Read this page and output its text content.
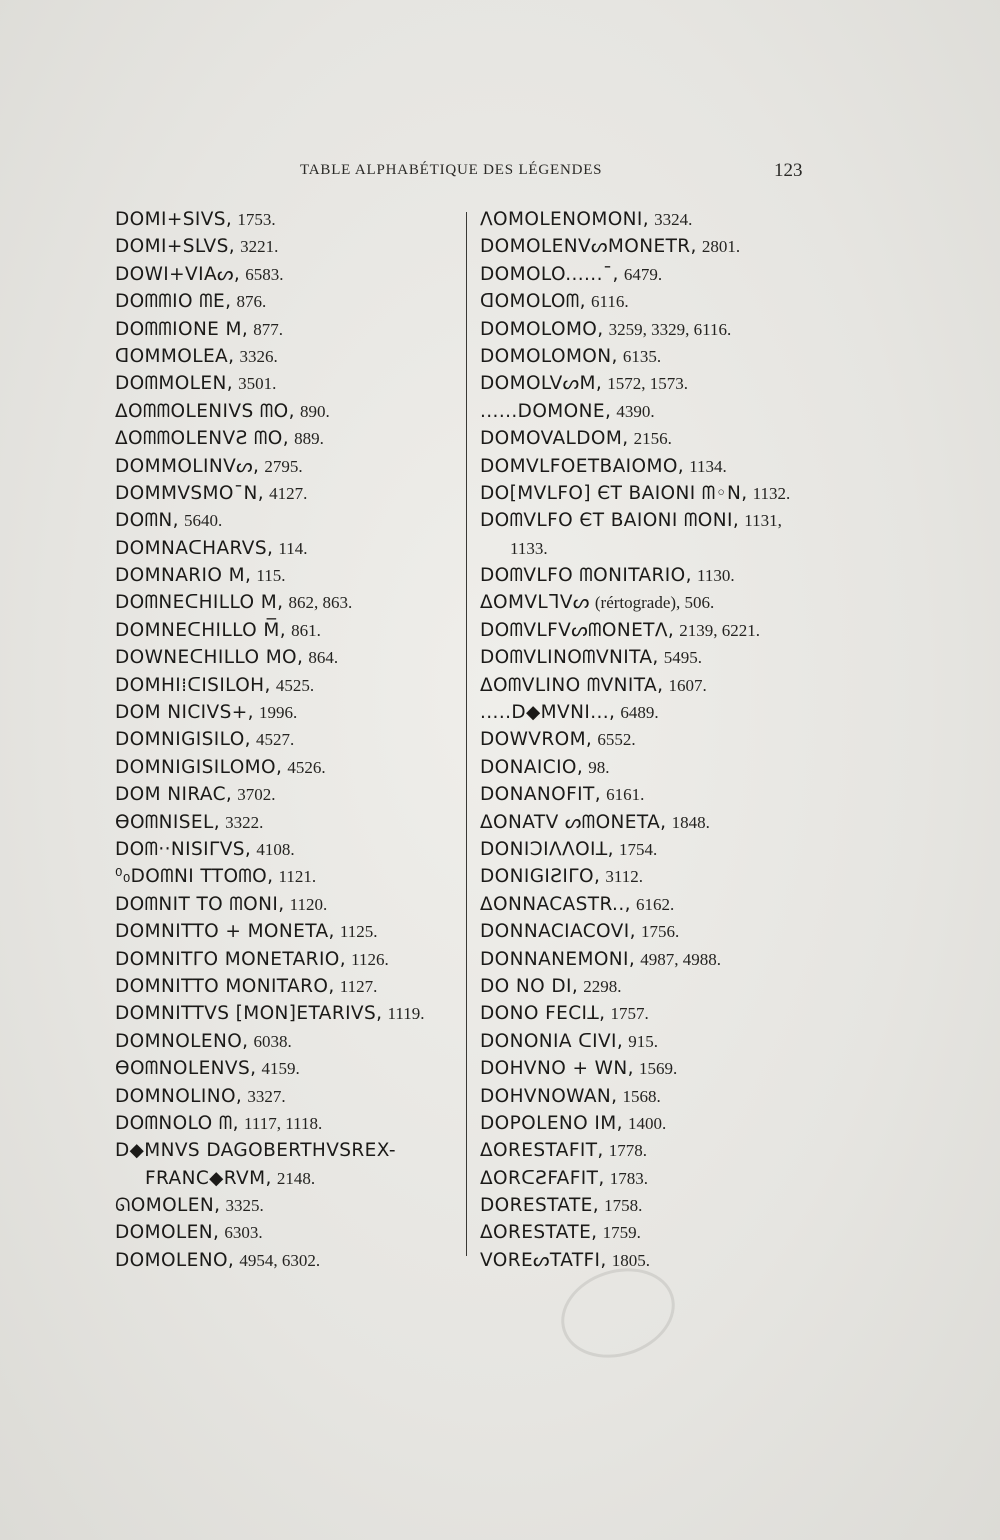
TABLE ALPHABÉTIQUE DES LÉGENDES	123
DOMI+SIVS, 1753.
DOMI+SLVS, 3221.
DOWI+VIAᔕ, 6583.
DOᗰᗰIO ᗰE, 876.
DOᗰᗰIONE M, 877.
ᗡOMMOLEA, 3326.
DOᗰMOLEN, 3501.
ΔOᗰᗰOLENIVS ᗰO, 890.
ΔOᗰᗰOLENVƧ ᗰO, 889.
DOMMOLINVᔕ, 2795.
DOMMVSMO¯N, 4127.
DOᗰN, 5640.
DOMNAᑕHARVS, 114.
DOMNARIO M, 115.
DOᗰNEᑕHILLO M, 862, 863.
DOMNEᑕHILLO M̅, 861.
DOWNEᑕHILLO MO, 864.
DOMHI⁞ᑕISILOH, 4525.
DOM NICIVS+, 1996.
DOMNIGISILO, 4527.
DOMNIGISILOMO, 4526.
DOM NIRAC, 3702.
ƟOᗰNISEL, 3322.
DOᗰ··NISIΓVS, 4108.
⁰₀DOᗰNI TTOᗰO, 1121.
DOᗰNIT TO ᗰONI, 1120.
DOMNITTO + MONETA, 1125.
DOMNITΓO MONETARIO, 1126.
DOMNITTO MONITARO, 1127.
DOMNITTVS [MON]ETARIVS, 1119.
DOMNOLENO, 6038.
ƟOᗰNOLENVS, 4159.
DOMNOLINO, 3327.
DOᗰNOLO ᗰ, 1117, 1118.
D◆MNVS DAGOBERTHVSREX-
FRANC◆RVM, 2148.
ᘏOMOLEN, 3325.
DOMOLEN, 6303.
DOMOLENO, 4954, 6302.
ΛOMOLENOMONI, 3324.
DOMOLENVᔕMONETR, 2801.
DOMOLO......¯, 6479.
ᗡOMOLOᗰ, 6116.
DOMOLOMO, 3259, 3329, 6116.
DOMOLOMON, 6135.
DOMOLVᔕM, 1572, 1573.
......DOMONE, 4390.
DOMOVALDOM, 2156.
DOMVLFOETBAIOMO, 1134.
DO[MVLFO] ЄT BAIONI ᗰ◦N, 1132.
DOᗰVLFO ЄT BAIONI ᗰONI, 1131,
1133.
DOᗰVLFO ᗰONITARIO, 1130.
ΔOMVLᒣVᔕ (rértograde), 506.
DOᗰVLFVᔕᗰONETΛ, 2139, 6221.
DOᗰVLINOᗰVNITA, 5495.
ΔOᗰVLINO ᗰVNITA, 1607.
.....D◆MVNI..., 6489.
DOWVRОM, 6552.
DONAICIO, 98.
DONANOFIT, 6161.
ΔONATV ᔕᗰONETA, 1848.
DONIↃIΛΛOIꓕ, 1754.
DONIGIƧIΓO, 3112.
ΔONNACASTR.., 6162.
DONNACIACOVI, 1756.
DONNANEMONI, 4987, 4988.
DO NO DI, 2298.
DONO FECIꓕ, 1757.
DONONIA ᑕIVI, 915.
DOHVNO + WN, 1569.
DOHVNOWAN, 1568.
DOPOLENO IM, 1400.
ΔORESTAFIT, 1778.
ΔORᑕƧFAFIT, 1783.
DORESTATE, 1758.
ΔORESTATE, 1759.
VOREᔕTATFI, 1805.
